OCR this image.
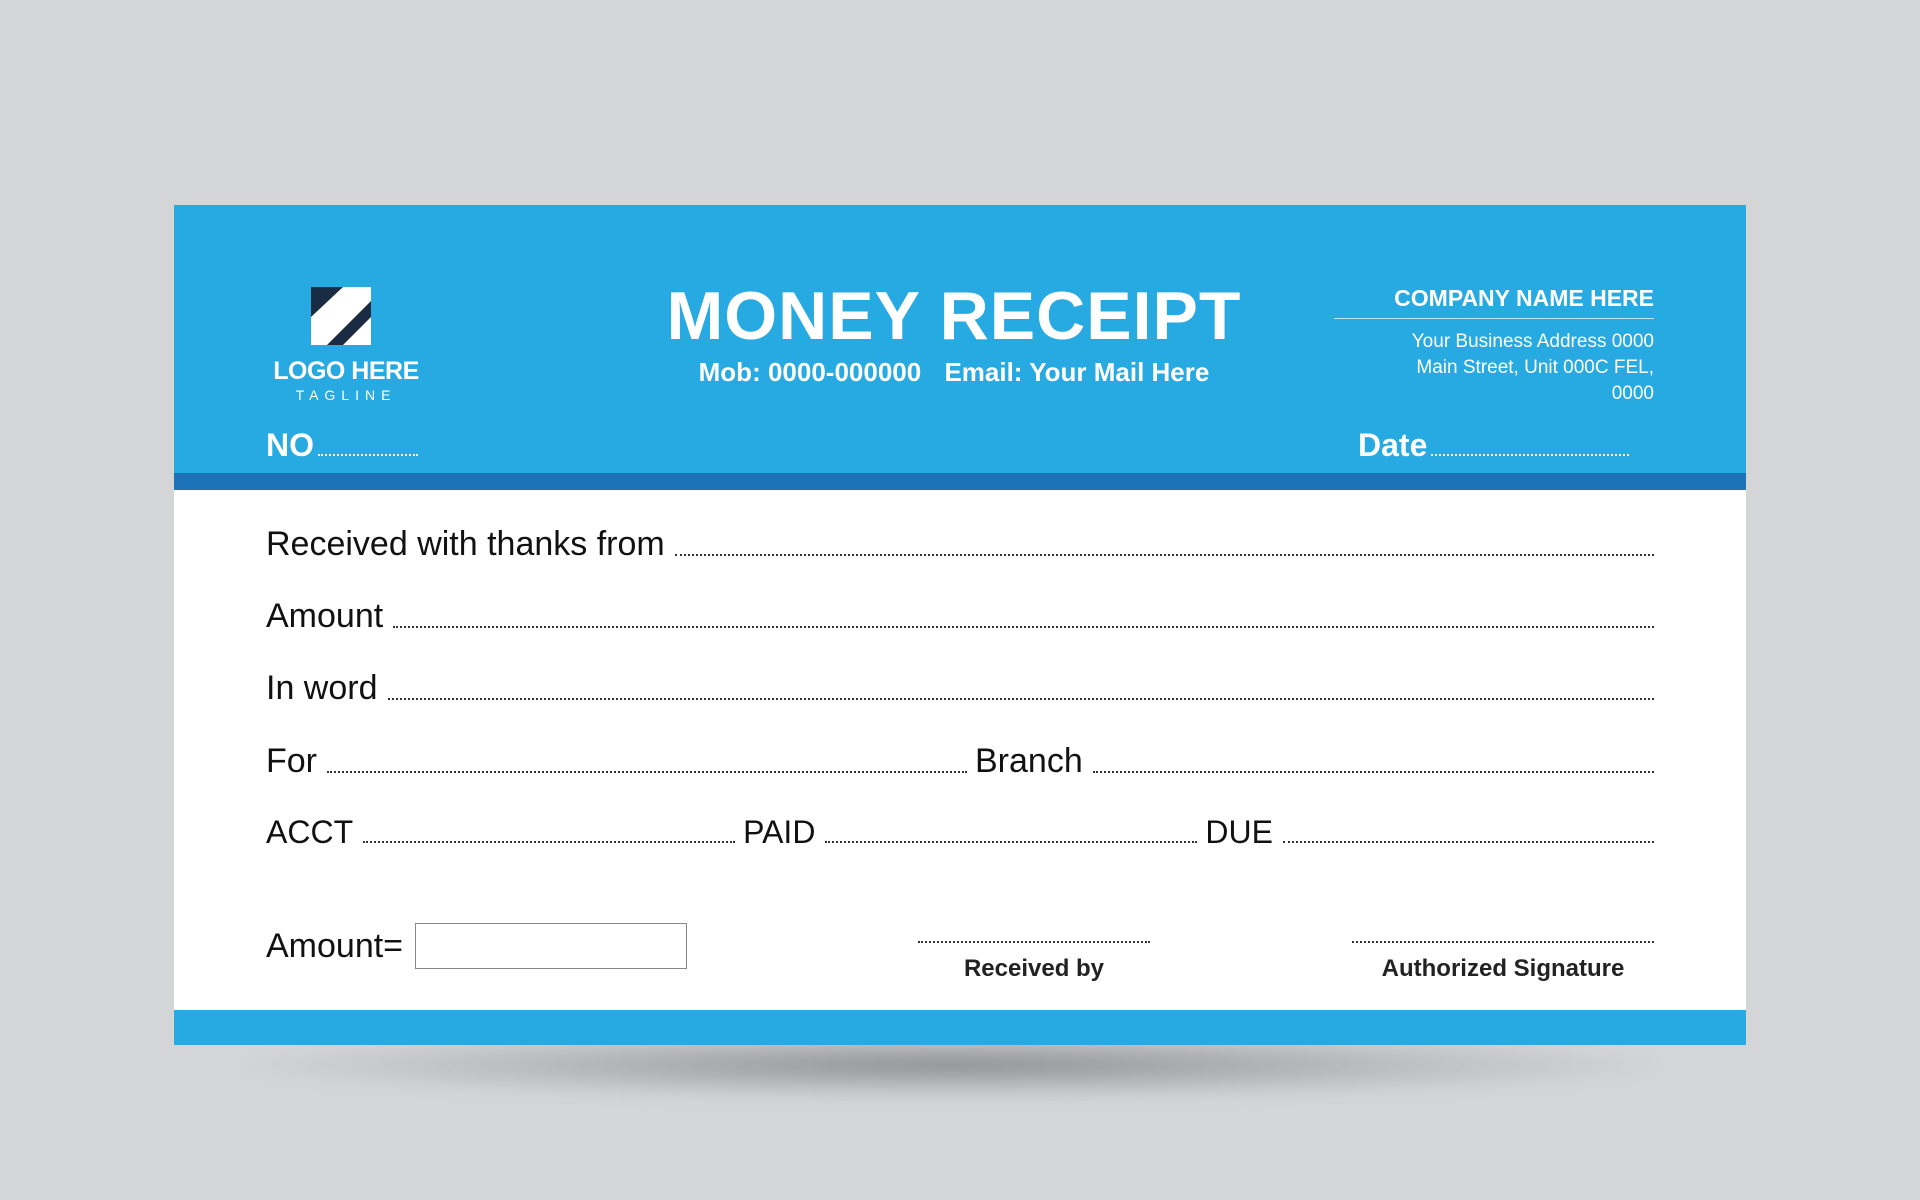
LOGO HERE
TAGLINE
MONEY RECEIPT
Mob: 0000-000000 Email: Your Mail Here
COMPANY NAME HERE
Your Business Address 0000
Main Street, Unit 000C FEL,
0000
NO	Date
Received with thanks from
Amount
In word
For	Branch
ACCT	PAID	DUE
Amount=
Received by	Authorized Signature
